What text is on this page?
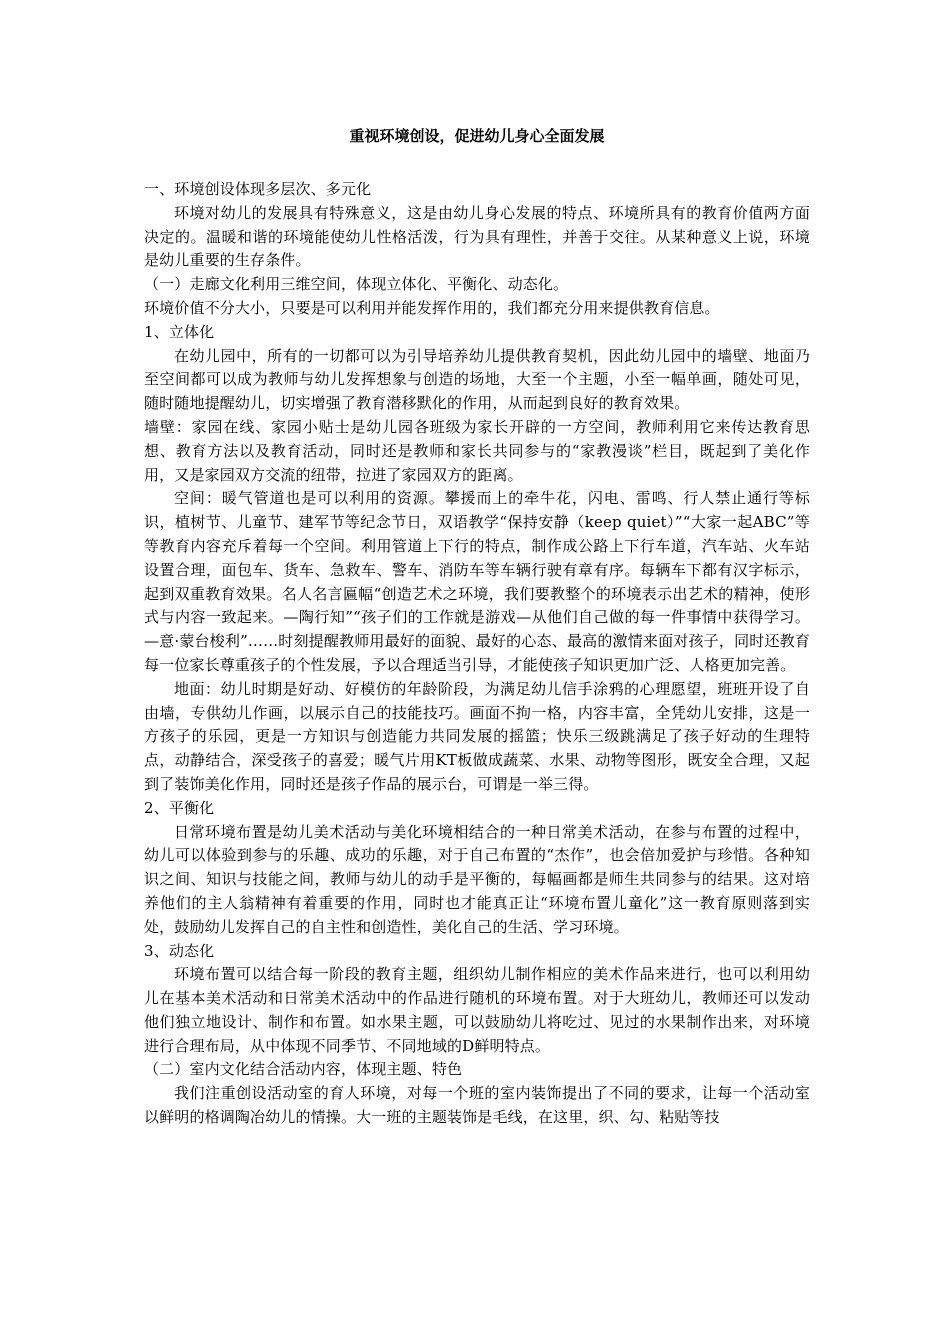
重视环境创设，促进幼儿身心全面发展

一、环境创设体现多层次、多元化

环境对幼儿的发展具有特殊意义，这是由幼儿身心发展的特点、环境所具有的教育价值两方面决定的。温暖和谐的环境能使幼儿性格活泼，行为具有理性，并善于交往。从某种意义上说，环境是幼儿重要的生存条件。

（一）走廊文化利用三维空间，体现立体化、平衡化、动态化。

环境价值不分大小，只要是可以利用并能发挥作用的，我们都充分用来提供教育信息。

1、立体化

在幼儿园中，所有的一切都可以为引导培养幼儿提供教育契机，因此幼儿园中的墙壁、地面乃至空间都可以成为教师与幼儿发挥想象与创造的场地，大至一个主题，小至一幅单画，随处可见，随时随地提醒幼儿，切实增强了教育潜移默化的作用，从而起到良好的教育效果。

墙壁：家园在线、家园小贴士是幼儿园各班级为家长开辟的一方空间，教师利用它来传达教育思想、教育方法以及教育活动，同时还是教师和家长共同参与的“家教漫谈”栏目，既起到了美化作用，又是家园双方交流的纽带，拉进了家园双方的距离。

空间：暖气管道也是可以利用的资源。攀援而上的牵牛花，闪电、雷鸣、行人禁止通行等标识，植树节、儿童节、建军节等纪念节日，双语教学“保持安静（keep quiet）”“大家一起ABC”等等教育内容充斥着每一个空间。利用管道上下行的特点，制作成公路上下行车道，汽车站、火车站设置合理，面包车、货车、急救车、警车、消防车等车辆行驶有章有序。每辆车下都有汉字标示，起到双重教育效果。名人名言匾幅“创造艺术之环境，我们要教整个的环境表示出艺术的精神，使形式与内容一致起来。—陶行知”“孩子们的工作就是游戏—从他们自己做的每一件事情中获得学习。—意·蒙台梭利”……时刻提醒教师用最好的面貌、最好的心态、最高的激情来面对孩子，同时还教育每一位家长尊重孩子的个性发展，予以合理适当引导，才能使孩子知识更加广泛、人格更加完善。

地面：幼儿时期是好动、好模仿的年龄阶段，为满足幼儿信手涂鸦的心理愿望，班班开设了自由墙，专供幼儿作画，以展示自己的技能技巧。画面不拘一格，内容丰富，全凭幼儿安排，这是一方孩子的乐园，更是一方知识与创造能力共同发展的摇篮；快乐三级跳满足了孩子好动的生理特点，动静结合，深受孩子的喜爱；暖气片用KT板做成蔬菜、水果、动物等图形，既安全合理，又起到了装饰美化作用，同时还是孩子作品的展示台，可谓是一举三得。

2、平衡化

日常环境布置是幼儿美术活动与美化环境相结合的一种日常美术活动，在参与布置的过程中，幼儿可以体验到参与的乐趣、成功的乐趣，对于自己布置的“杰作”，也会倍加爱护与珍惜。各种知识之间、知识与技能之间，教师与幼儿的动手是平衡的，每幅画都是师生共同参与的结果。这对培养他们的主人翁精神有着重要的作用，同时也才能真正让“环境布置儿童化”这一教育原则落到实处，鼓励幼儿发挥自己的自主性和创造性，美化自己的生活、学习环境。

3、动态化

环境布置可以结合每一阶段的教育主题，组织幼儿制作相应的美术作品来进行，也可以利用幼儿在基本美术活动和日常美术活动中的作品进行随机的环境布置。对于大班幼儿，教师还可以发动他们独立地设计、制作和布置。如水果主题，可以鼓励幼儿将吃过、见过的水果制作出来，对环境进行合理布局，从中体现不同季节、不同地域的D鲜明特点。

（二）室内文化结合活动内容，体现主题、特色

我们注重创设活动室的育人环境，对每一个班的室内装饰提出了不同的要求，让每一个活动室以鲜明的格调陶冶幼儿的情操。大一班的主题装饰是毛线，在这里，织、勾、粘贴等技
